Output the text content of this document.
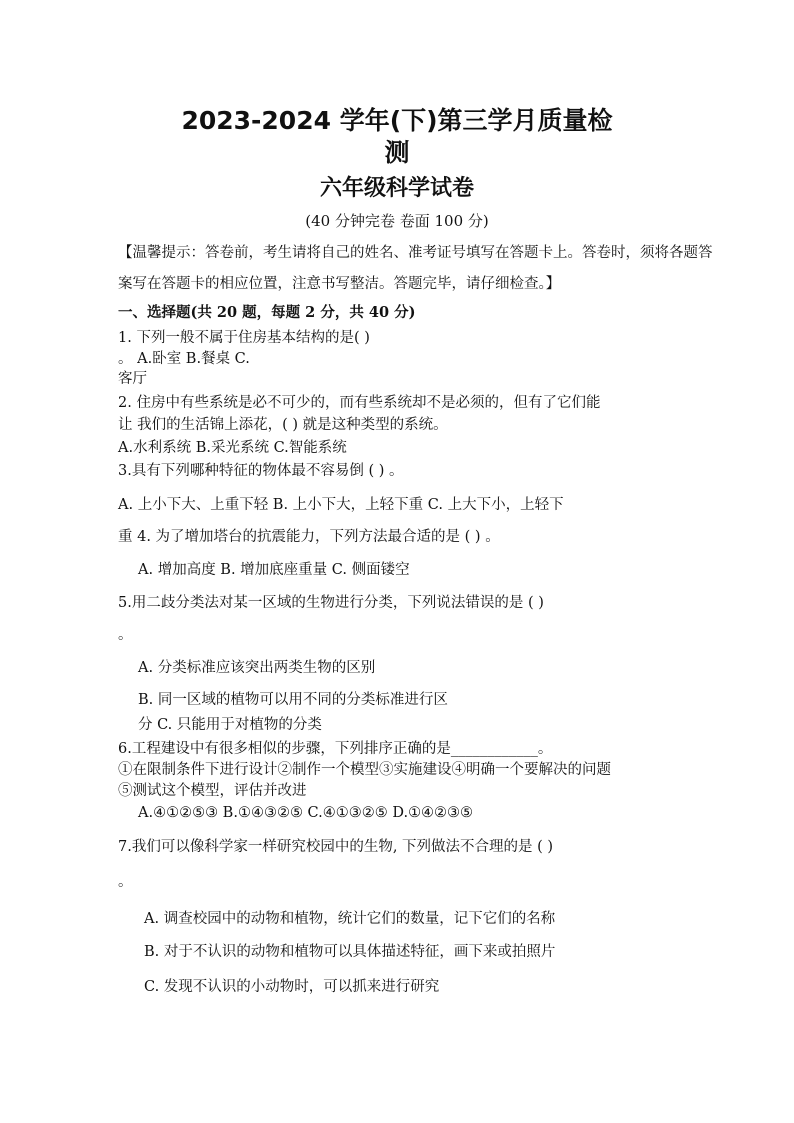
2023-2024 学年(下)第三学月质量检
测
六年级科学试卷
(40 分钟完卷 卷面 100 分)
【温馨提示：答卷前，考生请将自己的姓名、准考证号填写在答题卡上。答卷时，须将各题答
案写在答题卡的相应位置，注意书写整洁。答题完毕，请仔细检查。】
一、选择题(共 20 题，每题 2 分，共 40 分)
1. 下列一般不属于住房基本结构的是( )
。 A.卧室 B.餐桌 C.
客厅
2. 住房中有些系统是必不可少的，而有些系统却不是必须的，但有了它们能
让 我们的生活锦上添花，( ) 就是这种类型的系统。
A.水利系统 B.采光系统 C.智能系统
3.具有下列哪种特征的物体最不容易倒 ( ) 。
A. 上小下大、上重下轻 B. 上小下大，上轻下重 C. 上大下小，上轻下
重 4. 为了增加塔台的抗震能力，下列方法最合适的是 ( ) 。
A. 增加高度 B. 增加底座重量 C. 侧面镂空
5.用二歧分类法对某一区域的生物进行分类，下列说法错误的是 ( )
。
A. 分类标准应该突出两类生物的区别
B. 同一区域的植物可以用不同的分类标准进行区
分 C. 只能用于对植物的分类
6.工程建设中有很多相似的步骤，下列排序正确的是____________。
①在限制条件下进行设计②制作一个模型③实施建设④明确一个要解决的问题
⑤测试这个模型，评估并改进
A.④①②⑤③ B.①④③②⑤ C.④①③②⑤ D.①④②③⑤
7.我们可以像科学家一样研究校园中的生物, 下列做法不合理的是 ( )
。
A. 调查校园中的动物和植物，统计它们的数量，记下它们的名称
B. 对于不认识的动物和植物可以具体描述特征，画下来或拍照片
C. 发现不认识的小动物时，可以抓来进行研究
